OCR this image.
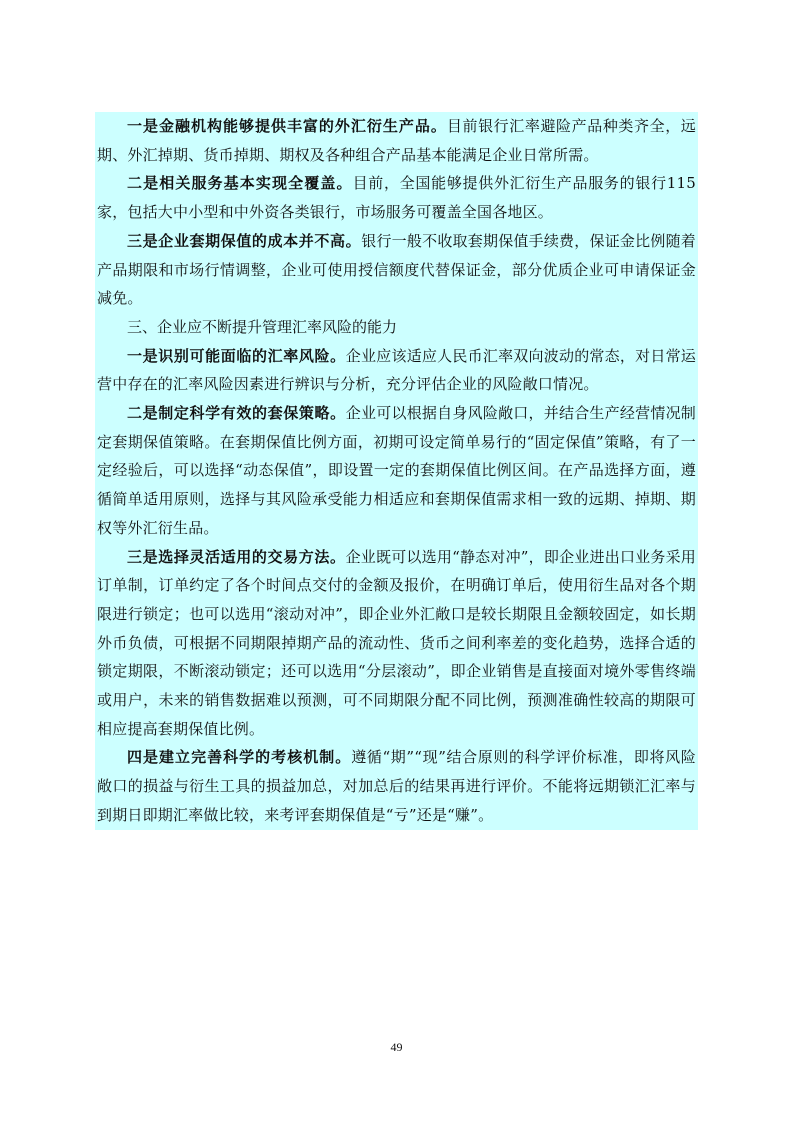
一是金融机构能够提供丰富的外汇衍生产品。目前银行汇率避险产品种类齐全，远期、外汇掉期、货币掉期、期权及各种组合产品基本能满足企业日常所需。

二是相关服务基本实现全覆盖。目前，全国能够提供外汇衍生产品服务的银行115家，包括大中小型和中外资各类银行，市场服务可覆盖全国各地区。

三是企业套期保值的成本并不高。银行一般不收取套期保值手续费，保证金比例随着产品期限和市场行情调整，企业可使用授信额度代替保证金，部分优质企业可申请保证金减免。

三、企业应不断提升管理汇率风险的能力

一是识别可能面临的汇率风险。企业应该适应人民币汇率双向波动的常态，对日常运营中存在的汇率风险因素进行辨识与分析，充分评估企业的风险敞口情况。

二是制定科学有效的套保策略。企业可以根据自身风险敞口，并结合生产经营情况制定套期保值策略。在套期保值比例方面，初期可设定简单易行的“固定保值”策略，有了一定经验后，可以选择“动态保值”，即设置一定的套期保值比例区间。在产品选择方面，遵循简单适用原则，选择与其风险承受能力相适应和套期保值需求相一致的远期、掉期、期权等外汇衍生品。

三是选择灵活适用的交易方法。企业既可以选用“静态对冲”，即企业进出口业务采用订单制，订单约定了各个时间点交付的金额及报价，在明确订单后，使用衍生品对各个期限进行锁定；也可以选用“滚动对冲”，即企业外汇敞口是较长期限且金额较固定，如长期外币负债，可根据不同期限掉期产品的流动性、货币之间利率差的变化趋势，选择合适的锁定期限，不断滚动锁定；还可以选用“分层滚动”，即企业销售是直接面对境外零售终端或用户，未来的销售数据难以预测，可不同期限分配不同比例，预测准确性较高的期限可相应提高套期保值比例。

四是建立完善科学的考核机制。遵循“期”“现”结合原则的科学评价标准，即将风险敞口的损益与衍生工具的损益加总，对加总后的结果再进行评价。不能将远期锁汇汇率与到期日即期汇率做比较，来考评套期保值是“亏”还是“赚”。

49
